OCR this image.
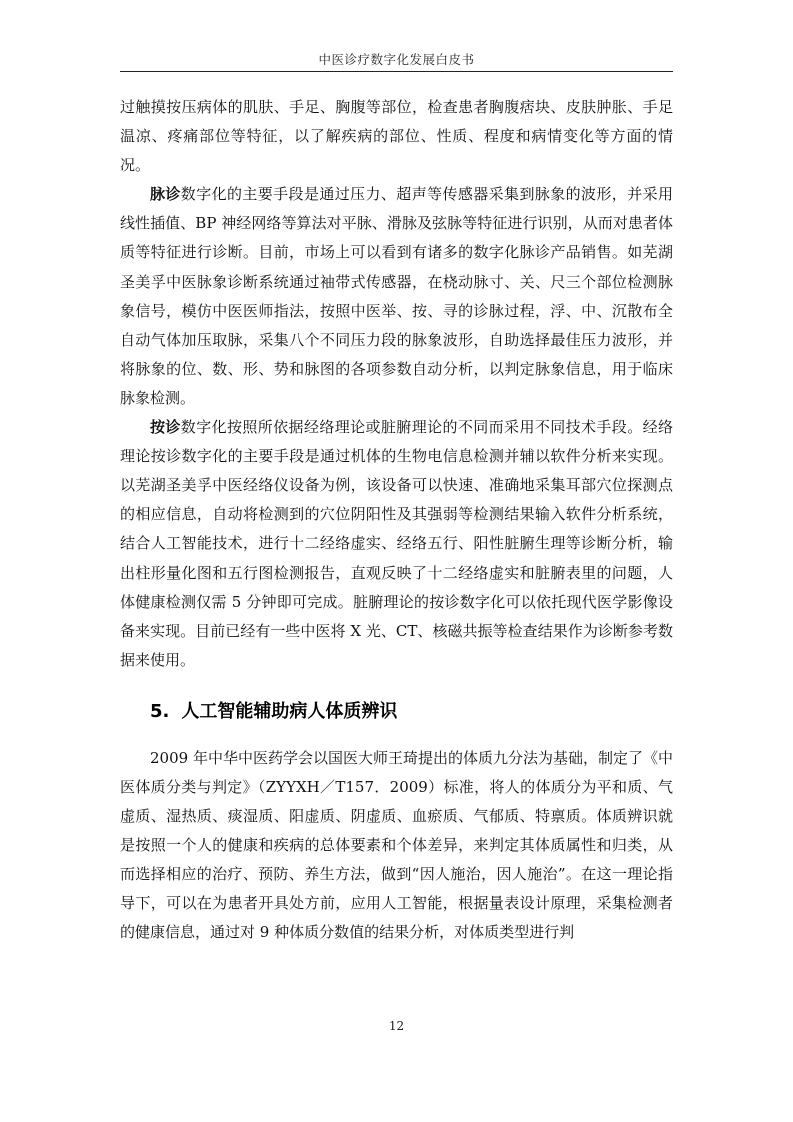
中医诊疗数字化发展白皮书

过触摸按压病体的肌肤、手足、胸腹等部位，检查患者胸腹痞块、皮肤肿胀、手足温凉、疼痛部位等特征，以了解疾病的部位、性质、程度和病情变化等方面的情况。

脉诊数字化的主要手段是通过压力、超声等传感器采集到脉象的波形，并采用线性插值、BP 神经网络等算法对平脉、滑脉及弦脉等特征进行识别，从而对患者体质等特征进行诊断。目前，市场上可以看到有诸多的数字化脉诊产品销售。如芜湖圣美孚中医脉象诊断系统通过袖带式传感器，在桡动脉寸、关、尺三个部位检测脉象信号，模仿中医医师指法，按照中医举、按、寻的诊脉过程，浮、中、沉散布全自动气体加压取脉，采集八个不同压力段的脉象波形，自助选择最佳压力波形，并将脉象的位、数、形、势和脉图的各项参数自动分析，以判定脉象信息，用于临床脉象检测。

按诊数字化按照所依据经络理论或脏腑理论的不同而采用不同技术手段。经络理论按诊数字化的主要手段是通过机体的生物电信息检测并辅以软件分析来实现。以芜湖圣美孚中医经络仪设备为例，该设备可以快速、准确地采集耳部穴位探测点的相应信息，自动将检测到的穴位阴阳性及其强弱等检测结果输入软件分析系统，结合人工智能技术，进行十二经络虚实、经络五行、阳性脏腑生理等诊断分析，输出柱形量化图和五行图检测报告，直观反映了十二经络虚实和脏腑表里的问题，人体健康检测仅需 5 分钟即可完成。脏腑理论的按诊数字化可以依托现代医学影像设备来实现。目前已经有一些中医将 X 光、CT、核磁共振等检查结果作为诊断参考数据来使用。

5. 人工智能辅助病人体质辨识

2009 年中华中医药学会以国医大师王琦提出的体质九分法为基础，制定了《中医体质分类与判定》（ZYYXH／T157．2009）标准，将人的体质分为平和质、气虚质、湿热质、痰湿质、阳虚质、阴虚质、血瘀质、气郁质、特禀质。体质辨识就是按照一个人的健康和疾病的总体要素和个体差异，来判定其体质属性和归类，从而选择相应的治疗、预防、养生方法，做到“因人施治，因人施治”。在这一理论指导下，可以在为患者开具处方前，应用人工智能，根据量表设计原理，采集检测者的健康信息，通过对 9 种体质分数值的结果分析，对体质类型进行判

12
